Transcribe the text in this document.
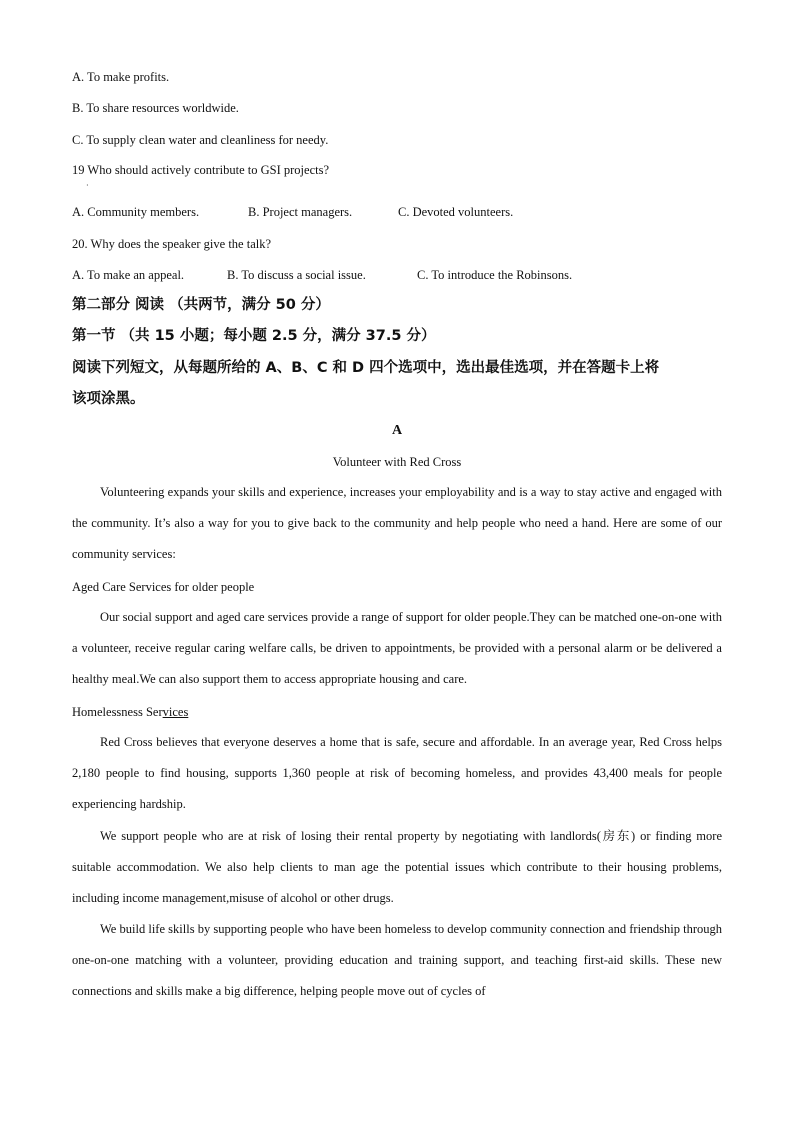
A. To make profits.
B. To share resources worldwide.
C. To supply clean water and cleanliness for needy.
19 Who should actively contribute to GSI projects?
·
A. Community members.	B. Project managers.	C. Devoted volunteers.
20. Why does the speaker give the talk?
A. To make an appeal.	B. To discuss a social issue.	C. To introduce the Robinsons.
第二部分 阅读 （共两节，满分 50 分）
第一节 （共 15 小题；每小题 2.5 分，满分 37.5 分）
阅读下列短文，从每题所给的 A、B、C 和 D 四个选项中，选出最佳选项，并在答题卡上将
该项涂黑。
A
Volunteer with Red Cross

Volunteering expands your skills and experience, increases your employability and is a way to stay active and engaged with the community. It’s also a way for you to give back to the community and help people who need a hand. Here are some of our community services:

Aged Care Services for older people

Our social support and aged care services provide a range of support for older people.They can be matched one-on-one with a volunteer, receive regular caring welfare calls, be driven to appointments, be provided with a personal alarm or be delivered a healthy meal.We can also support them to access appropriate housing and care.

Homelessness Services

Red Cross believes that everyone deserves a home that is safe, secure and affordable. In an average year, Red Cross helps 2,180 people to find housing, supports 1,360 people at risk of becoming homeless, and provides 43,400 meals for people experiencing hardship.

We support people who are at risk of losing their rental property by negotiating with landlords(房东) or finding more suitable accommodation. We also help clients to man age the potential issues which contribute to their housing problems, including income management,misuse of alcohol or other drugs.

We build life skills by supporting people who have been homeless to develop community connection and friendship through one-on-one matching with a volunteer, providing education and training support, and teaching first-aid skills. These new connections and skills make a big difference, helping people move out of cycles of
